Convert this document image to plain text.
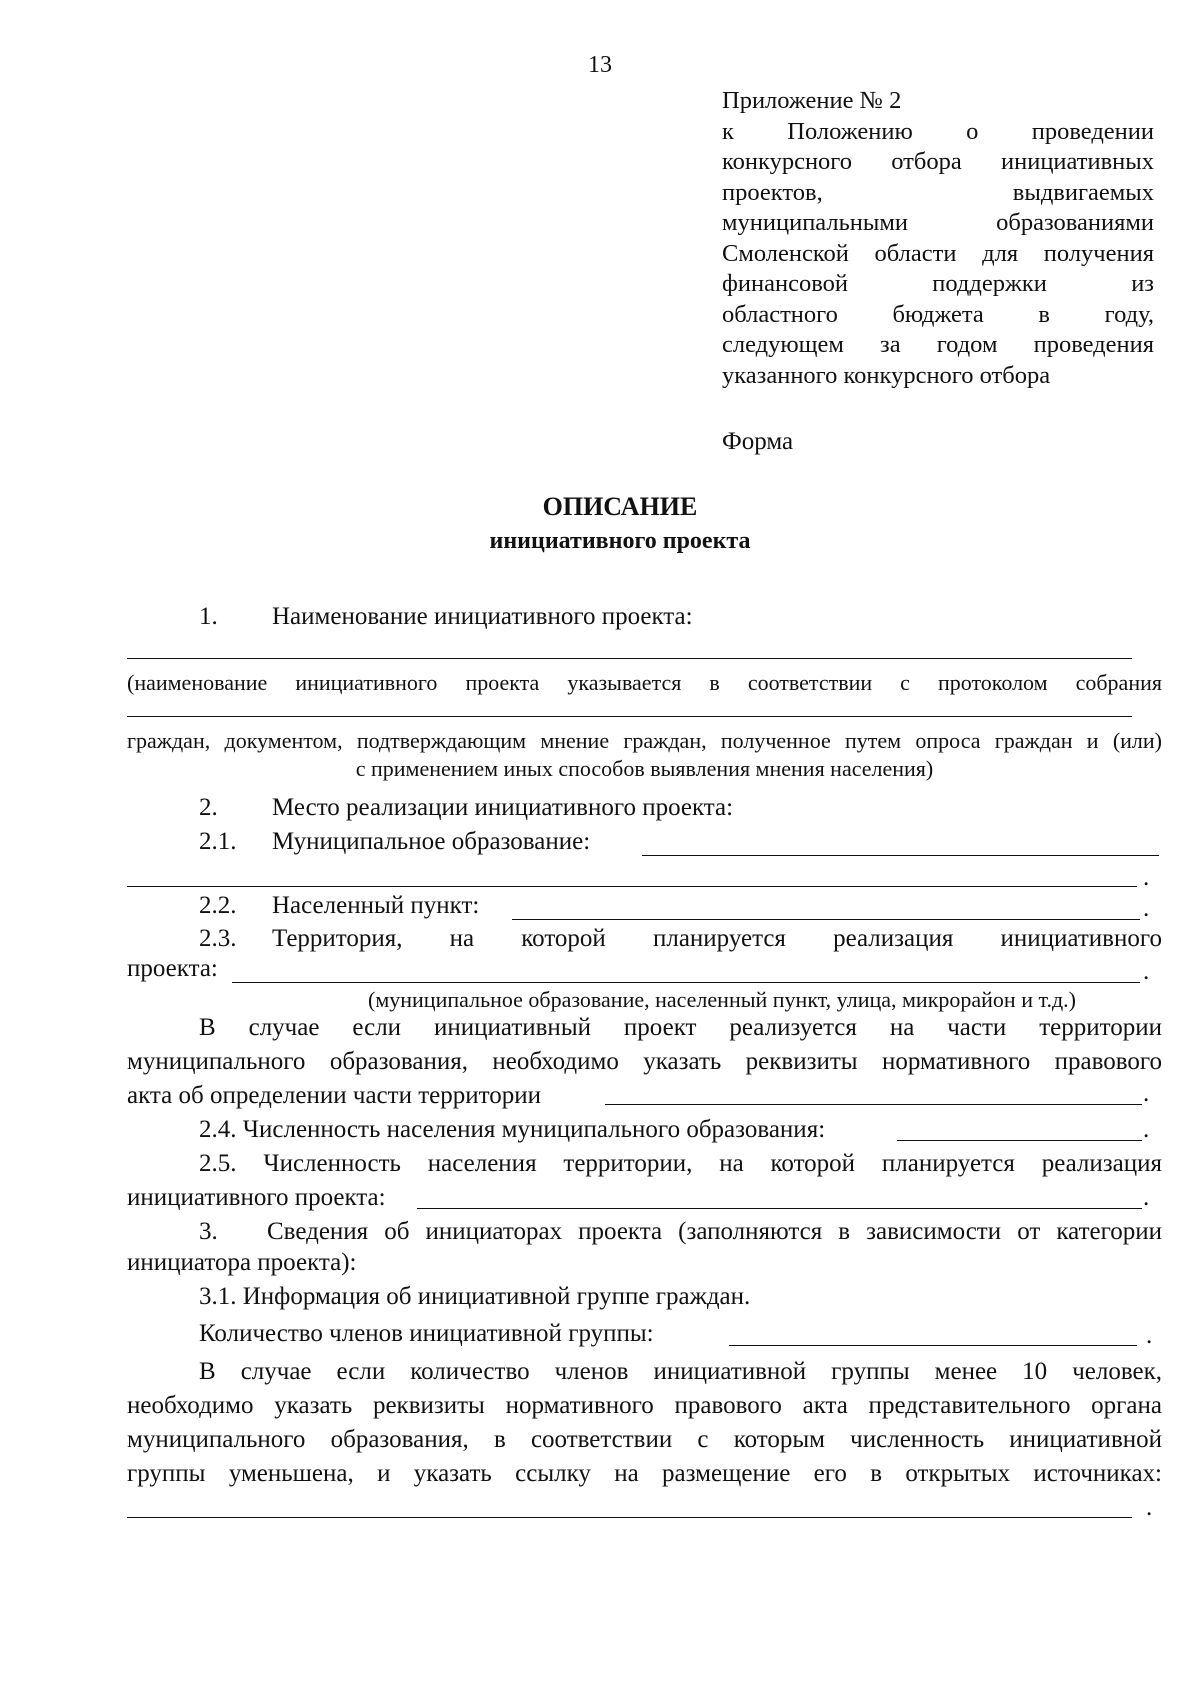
13
Приложение № 2
к Положению о проведении
конкурсного отбора инициативных
проектов, выдвигаемых
муниципальными образованиями
Смоленской области для получения
финансовой поддержки из
областного бюджета в году,
следующем за годом проведения
указанного конкурсного отбора
Форма
ОПИСАНИЕ
инициативного проекта
1. Наименование инициативного проекта:
(наименование инициативного проекта указывается в соответствии с протоколом собрания
граждан, документом, подтверждающим мнение граждан, полученное путем опроса граждан и (или)
с применением иных способов выявления мнения населения)
2. Место реализации инициативного проекта:
2.1. Муниципальное образование:
.
2.2. Населенный пункт:	.
2.3. Территория, на которой планируется реализация инициативного
проекта:	.
(муниципальное образование, населенный пункт, улица, микрорайон и т.д.)
В случае если инициативный проект реализуется на части территории
муниципального образования, необходимо указать реквизиты нормативного правового
акта об определении части территории	.
2.4. Численность населения муниципального образования:	.
2.5. Численность населения территории, на которой планируется реализация
инициативного проекта:	.
3. Сведения об инициаторах проекта (заполняются в зависимости от категории
инициатора проекта):
3.1. Информация об инициативной группе граждан.
Количество членов инициативной группы:	.
В случае если количество членов инициативной группы менее 10 человек,
необходимо указать реквизиты нормативного правового акта представительного органа
муниципального образования, в соответствии с которым численность инициативной
группы уменьшена, и указать ссылку на размещение его в открытых источниках:
.
